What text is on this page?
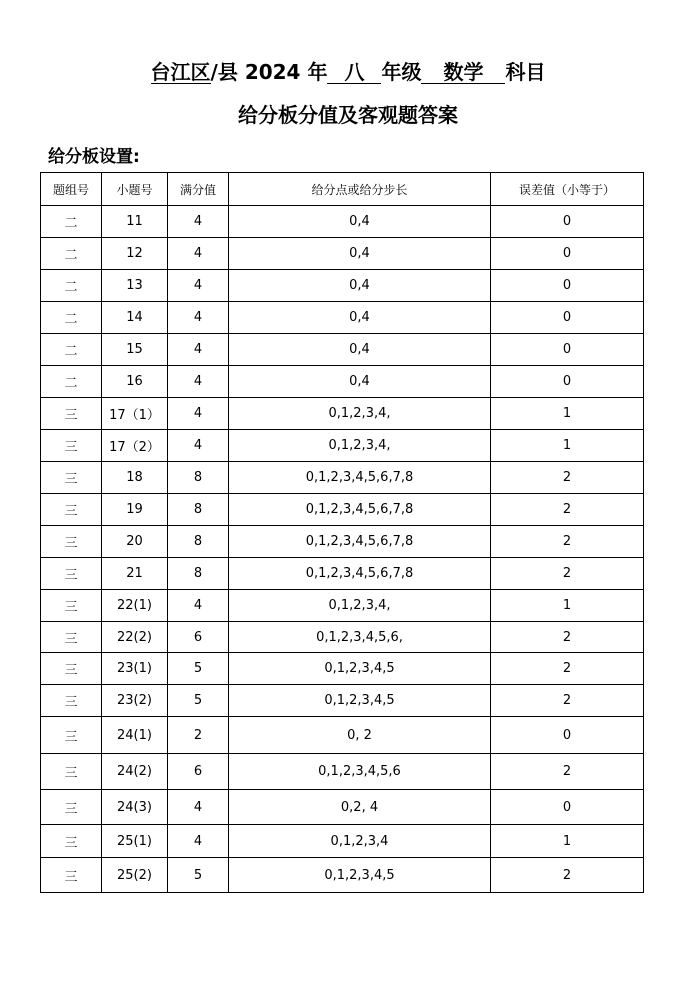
台江区/县 2024 年 八 年级 数学 科目
给分板分值及客观题答案
给分板设置:
题组号	小题号	满分值	给分点或给分步长	误差值（小等于）
二	11	4	0,4	0
二	12	4	0,4	0
二	13	4	0,4	0
二	14	4	0,4	0
二	15	4	0,4	0
二	16	4	0,4	0
三	17（1）	4	0,1,2,3,4,	1
三	17（2）	4	0,1,2,3,4,	1
三	18	8	0,1,2,3,4,5,6,7,8	2
三	19	8	0,1,2,3,4,5,6,7,8	2
三	20	8	0,1,2,3,4,5,6,7,8	2
三	21	8	0,1,2,3,4,5,6,7,8	2
三	22(1)	4	0,1,2,3,4,	1
三	22(2)	6	0,1,2,3,4,5,6,	2
三	23(1)	5	0,1,2,3,4,5	2
三	23(2)	5	0,1,2,3,4,5	2
三	24(1)	2	0, 2	0
三	24(2)	6	0,1,2,3,4,5,6	2
三	24(3)	4	0,2, 4	0
三	25(1)	4	0,1,2,3,4	1
三	25(2)	5	0,1,2,3,4,5	2
